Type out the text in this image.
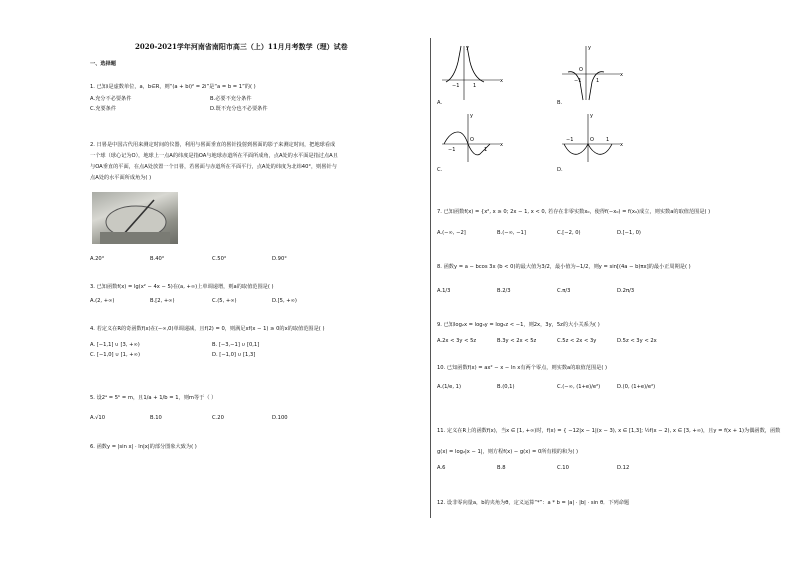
2020-2021学年河南省南阳市高三（上）11月月考数学（理）试卷
一、选择题
1. 已知i是虚数单位，a，b∈R，则“(a + bi)² = 2i”是“a = b = 1”的( )
A.充分不必要条件	B.必要不充分条件
C.充要条件	D.既不充分也不必要条件
2. 日晷是中国古代用来测定时间的仪器，利用与晷面垂直的晷针投射到晷面的影子来测定时间，把地球看成
一个球（球心记为O），地球上一点A的纬度是指OA与地球赤道所在平面所成角，点A处的水平面是指过点A且
与OA垂直的平面，在点A处放置一个日晷，若晷面与赤道所在平面平行，点A处的纬度为北纬40°，则晷针与
点A处的水平面所成角为( )
A.20°	B.40°	C.50°	D.90°
3. 已知函数f(x) = lg(x² − 4x − 5)在(a, +∞)上单调递增，则a的取值范围是( )
A.(2, +∞)	B.[2, +∞)	C.(5, +∞)	D.[5, +∞)
4. 若定义在R的奇函数f(x)在(−∞,0)单调递减，且f(2) = 0，则满足xf(x − 1) ≥ 0的x的取值范围是( )
A. [−1,1] ∪ [3, +∞)	B. [−3,−1] ∪ [0,1]
C. [−1,0] ∪ [1, +∞)	D. [−1,0] ∪ [1,3]
5. 设2ᵃ = 5ᵇ = m，且1/a + 1/b = 1，则m等于（ ）
A.√10	B.10	C.20	D.100
6. 函数y = |sin x| · ln|x|的部分图象大致为( )
y
x
−1	1
A.
y
x
O
−1	1
B.
y
x
O
−1	1
C.
y
x
O
−1	1
D.
7. 已知函数f(x) = {x², x ≥ 0; 2x − 1, x < 0, 若存在非零实数x₀，使得f(−x₀) = f(x₀)成立，则实数a的取值范围是( )
A.(−∞, −2]	B.(−∞, −1]	C.[−2, 0)	D.[−1, 0)
8. 函数y = a − bcos 3x (b < 0)的最大值为3/2，最小值为−1/2，则y = sin[(4a − b)πx]的最小正周期是( )
A.1/3	B.2/3	C.π/3	D.2π/3
9. 已知log₂x = log₃y = log₅z < −1，则2x，3y，5z的大小关系为( )
A.2x < 3y < 5z	B.3y < 2x < 5z	C.5z < 2x < 3y	D.5z < 3y < 2x
10. 已知函数f(x) = ax² − x − ln x有两个零点，则实数a的取值范围是( )
A.(1/e, 1)	B.(0,1)	C.(−∞, (1+e)/e²)	D.(0, (1+e)/e²)
11. 定义在R上的函数f(x)，当x ∈ [1, +∞)时，f(x) = { −12|x − 1|(x − 3), x ∈ [1,3]; ½f(x − 2), x ∈ [3, +∞)，且y = f(x + 1)为偶函数，函数
g(x) = log₂|x − 1|，则方程f(x) − g(x) = 0所有根的和为( )
A.6	B.8	C.10	D.12
12. 设非零向量a，b的夹角为θ，定义运算“*”：a * b = |a| · |b| · sin θ．下列命题
